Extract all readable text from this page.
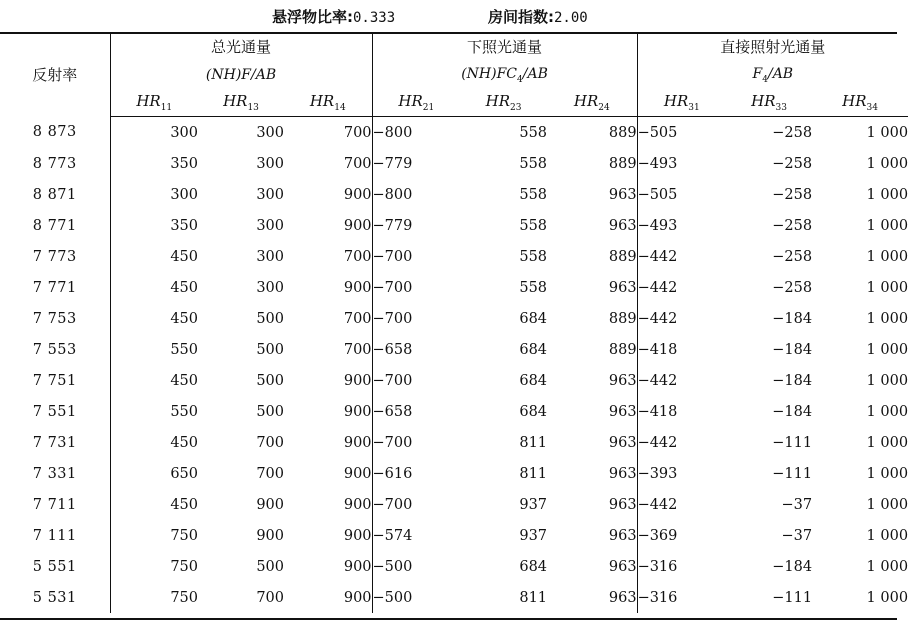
悬浮物比率:0.333	房间指数:2.00
反射率	总光通量			下照光通量			直接照射光通量		
	(NH)F/AB			$(NH)FC_4/AB$			$F_4/AB$		
	$HR_{11}$	$HR_{13}$	$HR_{14}$	$HR_{21}$	$HR_{23}$	$HR_{24}$	$HR_{31}$	$HR_{33}$	$HR_{34}$
8 873	300	300	700	−800	558	889	−505	−258	1 000
8 773	350	300	700	−779	558	889	−493	−258	1 000
8 871	300	300	900	−800	558	963	−505	−258	1 000
8 771	350	300	900	−779	558	963	−493	−258	1 000
7 773	450	300	700	−700	558	889	−442	−258	1 000
7 771	450	300	900	−700	558	963	−442	−258	1 000
7 753	450	500	700	−700	684	889	−442	−184	1 000
7 553	550	500	700	−658	684	889	−418	−184	1 000
7 751	450	500	900	−700	684	963	−442	−184	1 000
7 551	550	500	900	−658	684	963	−418	−184	1 000
7 731	450	700	900	−700	811	963	−442	−111	1 000
7 331	650	700	900	−616	811	963	−393	−111	1 000
7 711	450	900	900	−700	937	963	−442	−37	1 000
7 111	750	900	900	−574	937	963	−369	−37	1 000
5 551	750	500	900	−500	684	963	−316	−184	1 000
5 531	750	700	900	−500	811	963	−316	−111	1 000
